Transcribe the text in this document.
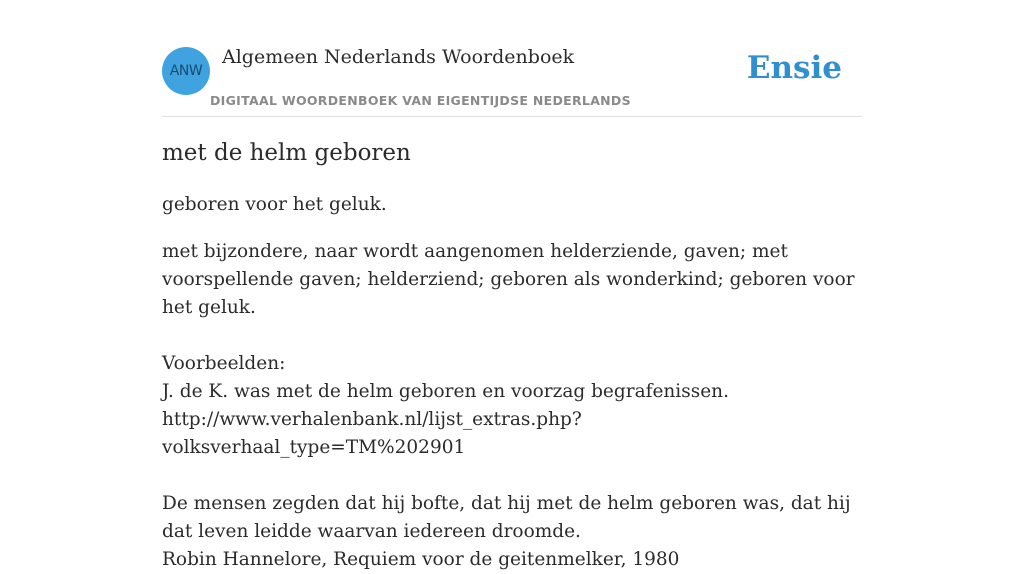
ANW
Algemeen Nederlands Woordenboek
DIGITAAL WOORDENBOEK VAN EIGENTIJDSE NEDERLANDS
Ensie
met de helm geboren
geboren voor het geluk.

met bijzondere, naar wordt aangenomen helderziende, gaven; met voorspellende gaven; helderziend; geboren als wonderkind; geboren voor het geluk.

Voorbeelden:

J. de K. was met de helm geboren en voorzag begrafenissen.

http://www.verhalenbank.nl/lijst_extras.php?volksverhaal_type=TM%202901

De mensen zegden dat hij bofte, dat hij met de helm geboren was, dat hij dat leven leidde waarvan iedereen droomde.

Robin Hannelore, Requiem voor de geitenmelker, 1980
